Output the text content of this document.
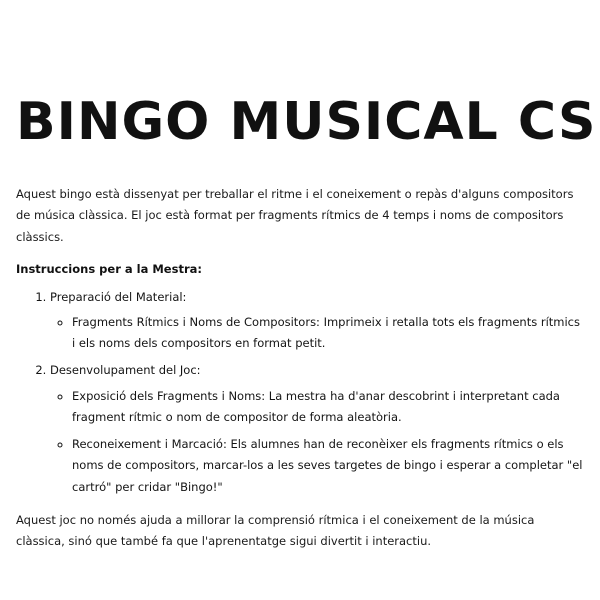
BINGO MUSICAL CS

Aquest bingo està dissenyat per treballar el ritme i el coneixement o repàs d'alguns compositors de música clàssica. El joc està format per fragments rítmics de 4 temps i noms de compositors clàssics.

Instruccions per a la Mestra:
1. Preparació del Material:
◦ Fragments Rítmics i Noms de Compositors: Imprimeix i retalla tots els fragments rítmics i els noms dels compositors en format petit.
2. Desenvolupament del Joc:
◦ Exposició dels Fragments i Noms: La mestra ha d'anar descobrint i interpretant cada fragment rítmic o nom de compositor de forma aleatòria.
◦ Reconeixement i Marcació: Els alumnes han de reconèixer els fragments rítmics o els noms de compositors, marcar-los a les seves targetes de bingo i esperar a completar "el cartró" per cridar "Bingo!"

Aquest joc no només ajuda a millorar la comprensió rítmica i el coneixement de la música clàssica, sinó que també fa que l'aprenentatge sigui divertit i interactiu.
